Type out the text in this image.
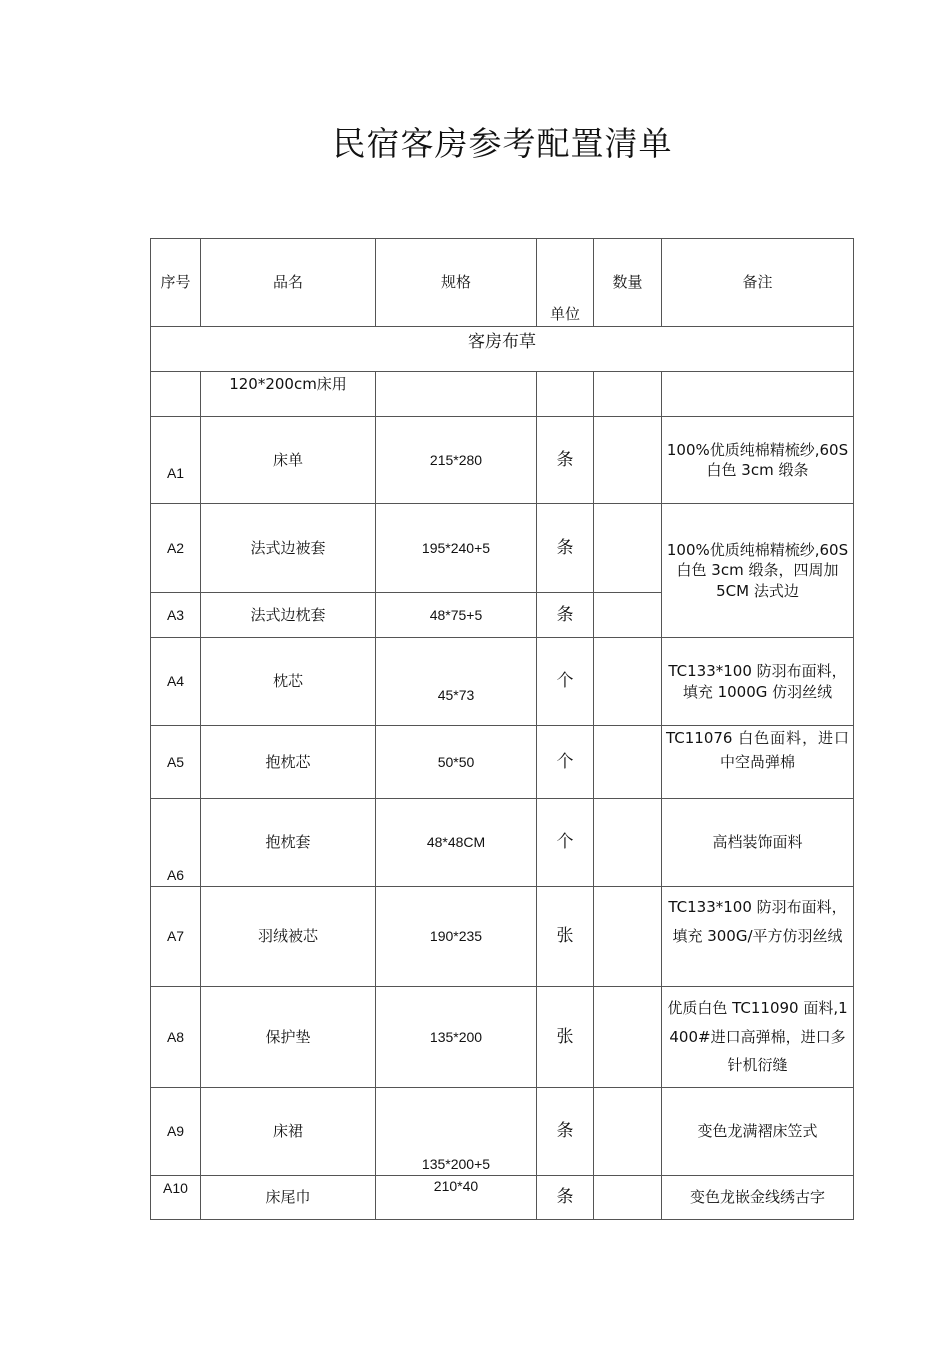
民宿客房参考配置清单
序号	品名	规格	单位	数量	备注
客房布草					
	120*200cm床用				
A1	床单	215*280	条		100%优质纯棉精梳纱,60S 白色 3cm 缎条
A2	法式边被套	195*240+5	条		100%优质纯棉精梳纱,60S 白色 3cm 缎条，四周加 5CM 法式边
A3	法式边枕套	48*75+5	条		
A4	枕芯	45*73	个		TC133*100 防羽布面料，填充 1000G 仿羽丝绒
A5	抱枕芯	50*50	个		TC11076 白色面料，进口
中空咼弹棉

A6	抱枕套	48*48CM	个		高档装饰面料
A7	羽绒被芯	190*235	张		TC133*100 防羽布面料，填充 300G/平方仿羽丝绒
A8	保护垫	135*200	张		优质白色 TC11090 面料,1400#进口高弹棉，进口多针机衍缝
A9	床裙	135*200+5	条		变色龙满褶床笠式
A10	床尾巾	210*40	条		变色龙嵌金线绣古字
